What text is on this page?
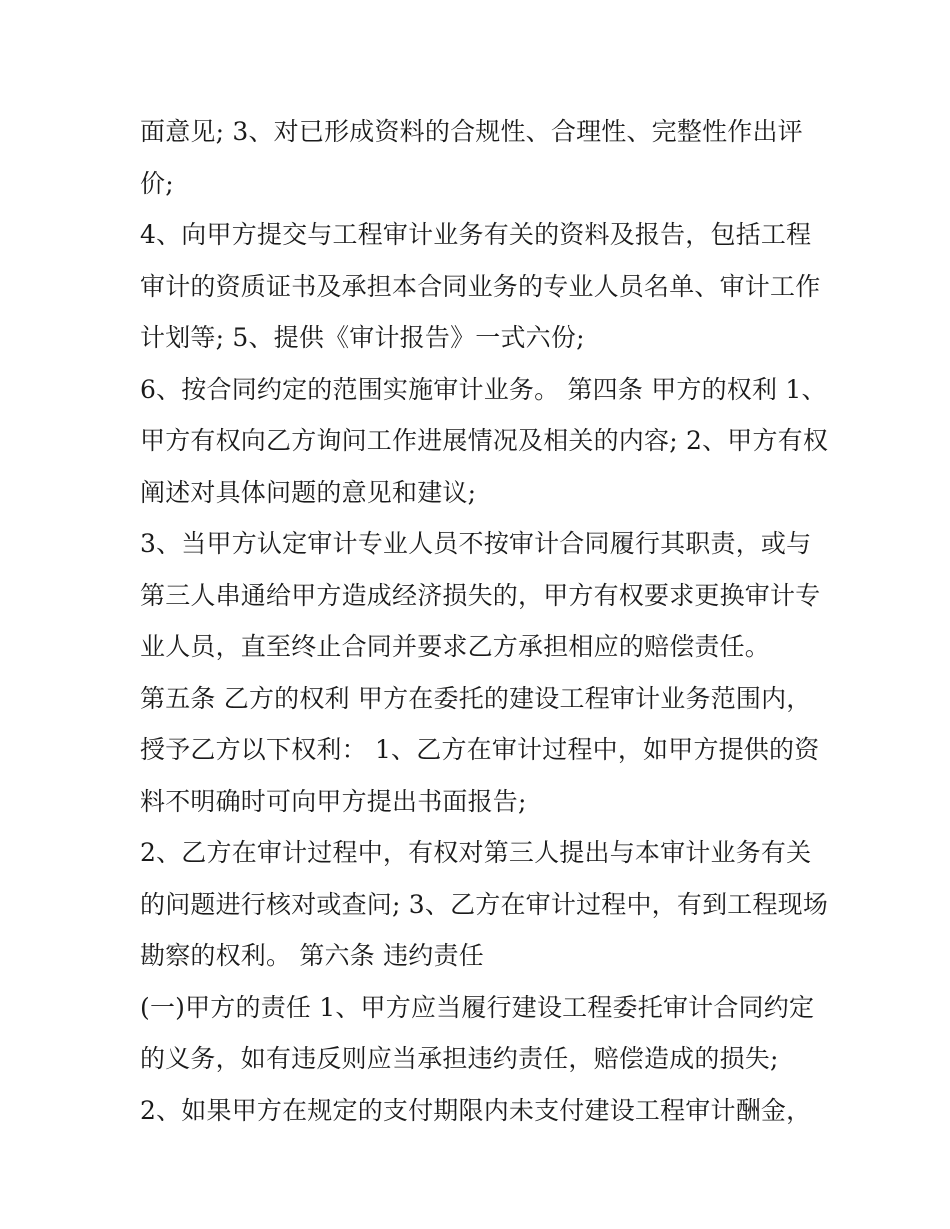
面意见; 3、对已形成资料的合规性、合理性、完整性作出评
价;
4、向甲方提交与工程审计业务有关的资料及报告，包括工程
审计的资质证书及承担本合同业务的专业人员名单、审计工作
计划等; 5、提供《审计报告》一式六份;
6、按合同约定的范围实施审计业务。 第四条 甲方的权利 1、
甲方有权向乙方询问工作进展情况及相关的内容; 2、甲方有权
阐述对具体问题的意见和建议;
3、当甲方认定审计专业人员不按审计合同履行其职责，或与
第三人串通给甲方造成经济损失的，甲方有权要求更换审计专
业人员，直至终止合同并要求乙方承担相应的赔偿责任。
第五条 乙方的权利 甲方在委托的建设工程审计业务范围内，
授予乙方以下权利： 1、乙方在审计过程中，如甲方提供的资
料不明确时可向甲方提出书面报告;
2、乙方在审计过程中，有权对第三人提出与本审计业务有关
的问题进行核对或查问; 3、乙方在审计过程中，有到工程现场
勘察的权利。 第六条 违约责任
(一)甲方的责任 1、甲方应当履行建设工程委托审计合同约定
的义务，如有违反则应当承担违约责任，赔偿造成的损失;
2、如果甲方在规定的支付期限内未支付建设工程审计酬金，
